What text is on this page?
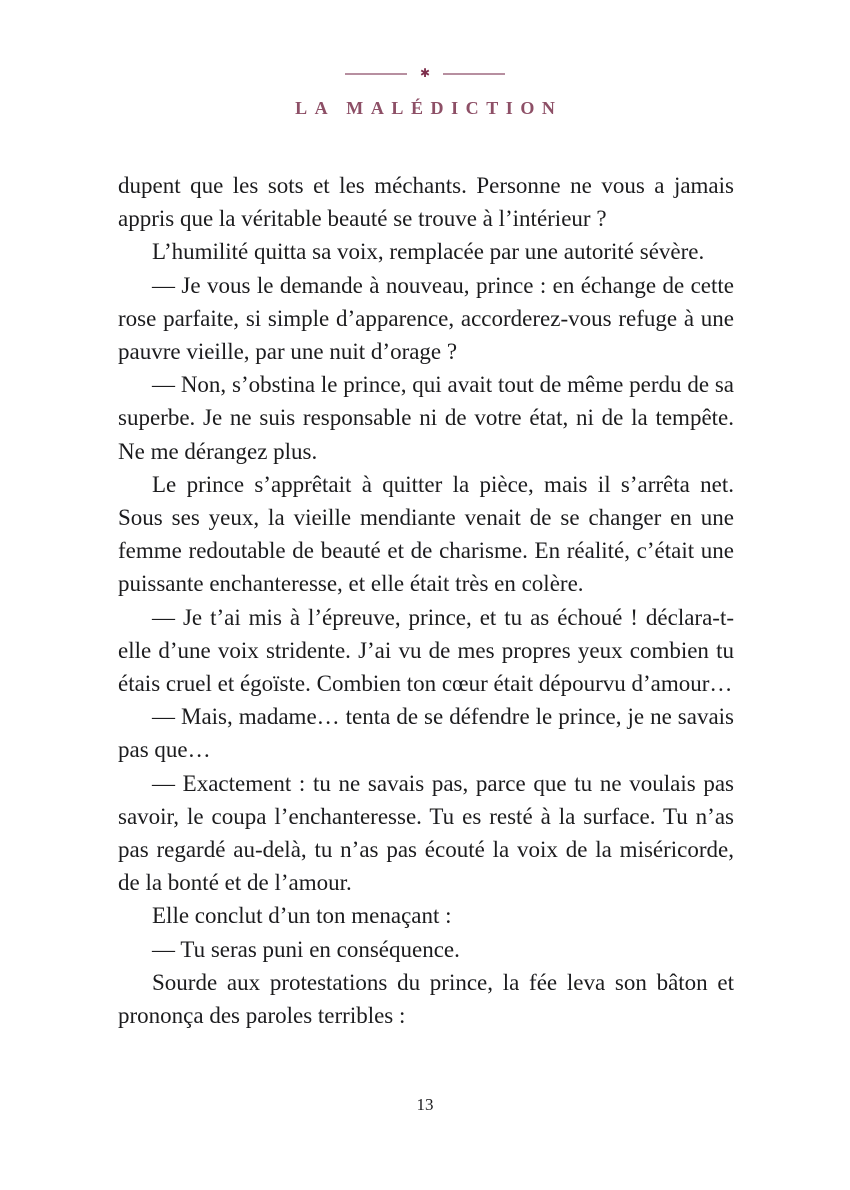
✱
LA MALÉDICTION

dupent que les sots et les méchants. Personne ne vous a jamais appris que la véritable beauté se trouve à l’intérieur ?

L’humilité quitta sa voix, remplacée par une autorité sévère.

— Je vous le demande à nouveau, prince : en échange de cette rose parfaite, si simple d’apparence, accorderez-vous refuge à une pauvre vieille, par une nuit d’orage ?

— Non, s’obstina le prince, qui avait tout de même perdu de sa superbe. Je ne suis responsable ni de votre état, ni de la tempête. Ne me dérangez plus.

Le prince s’apprêtait à quitter la pièce, mais il s’arrêta net. Sous ses yeux, la vieille mendiante venait de se changer en une femme redoutable de beauté et de charisme. En réalité, c’était une puissante enchanteresse, et elle était très en colère.

— Je t’ai mis à l’épreuve, prince, et tu as échoué ! déclara-t-elle d’une voix stridente. J’ai vu de mes propres yeux combien tu étais cruel et égoïste. Combien ton cœur était dépourvu d’amour…

— Mais, madame… tenta de se défendre le prince, je ne savais pas que…

— Exactement : tu ne savais pas, parce que tu ne voulais pas savoir, le coupa l’enchanteresse. Tu es resté à la surface. Tu n’as pas regardé au-delà, tu n’as pas écouté la voix de la miséricorde, de la bonté et de l’amour.

Elle conclut d’un ton menaçant :

— Tu seras puni en conséquence.

Sourde aux protestations du prince, la fée leva son bâton et prononça des paroles terribles :

13
